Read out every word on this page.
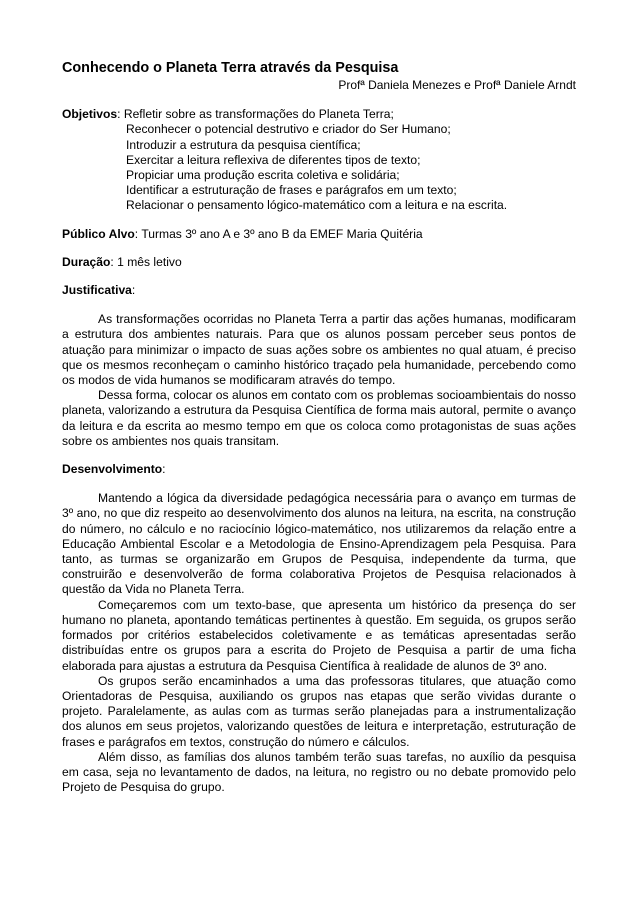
Conhecendo o Planeta Terra através da Pesquisa
Profª Daniela Menezes e Profª Daniele Arndt
Objetivos: Refletir sobre as transformações do Planeta Terra;
Reconhecer o potencial destrutivo e criador do Ser Humano;
Introduzir a estrutura da pesquisa científica;
Exercitar a leitura reflexiva de diferentes tipos de texto;
Propiciar uma produção escrita coletiva e solidária;
Identificar a estruturação de frases e parágrafos em um texto;
Relacionar o pensamento lógico-matemático com a leitura e na escrita.
Público Alvo: Turmas 3º ano A e 3º ano B da EMEF Maria Quitéria
Duração: 1 mês letivo
Justificativa:

As transformações ocorridas no Planeta Terra a partir das ações humanas, modificaram a estrutura dos ambientes naturais. Para que os alunos possam perceber seus pontos de atuação para minimizar o impacto de suas ações sobre os ambientes no qual atuam, é preciso que os mesmos reconheçam o caminho histórico traçado pela humanidade, percebendo como os modos de vida humanos se modificaram através do tempo.

Dessa forma, colocar os alunos em contato com os problemas socioambientais do nosso planeta, valorizando a estrutura da Pesquisa Científica de forma mais autoral, permite o avanço da leitura e da escrita ao mesmo tempo em que os coloca como protagonistas de suas ações sobre os ambientes nos quais transitam.

Desenvolvimento:

Mantendo a lógica da diversidade pedagógica necessária para o avanço em turmas de 3º ano, no que diz respeito ao desenvolvimento dos alunos na leitura, na escrita, na construção do número, no cálculo e no raciocínio lógico-matemático, nos utilizaremos da relação entre a Educação Ambiental Escolar e a Metodologia de Ensino-Aprendizagem pela Pesquisa. Para tanto, as turmas se organizarão em Grupos de Pesquisa, independente da turma, que construirão e desenvolverão de forma colaborativa Projetos de Pesquisa relacionados à questão da Vida no Planeta Terra.

Começaremos com um texto-base, que apresenta um histórico da presença do ser humano no planeta, apontando temáticas pertinentes à questão. Em seguida, os grupos serão formados por critérios estabelecidos coletivamente e as temáticas apresentadas serão distribuídas entre os grupos para a escrita do Projeto de Pesquisa a partir de uma ficha elaborada para ajustas a estrutura da Pesquisa Científica à realidade de alunos de 3º ano.

Os grupos serão encaminhados a uma das professoras titulares, que atuação como Orientadoras de Pesquisa, auxiliando os grupos nas etapas que serão vividas durante o projeto. Paralelamente, as aulas com as turmas serão planejadas para a instrumentalização dos alunos em seus projetos, valorizando questões de leitura e interpretação, estruturação de frases e parágrafos em textos, construção do número e cálculos.

Além disso, as famílias dos alunos também terão suas tarefas, no auxílio da pesquisa em casa, seja no levantamento de dados, na leitura, no registro ou no debate promovido pelo Projeto de Pesquisa do grupo.
